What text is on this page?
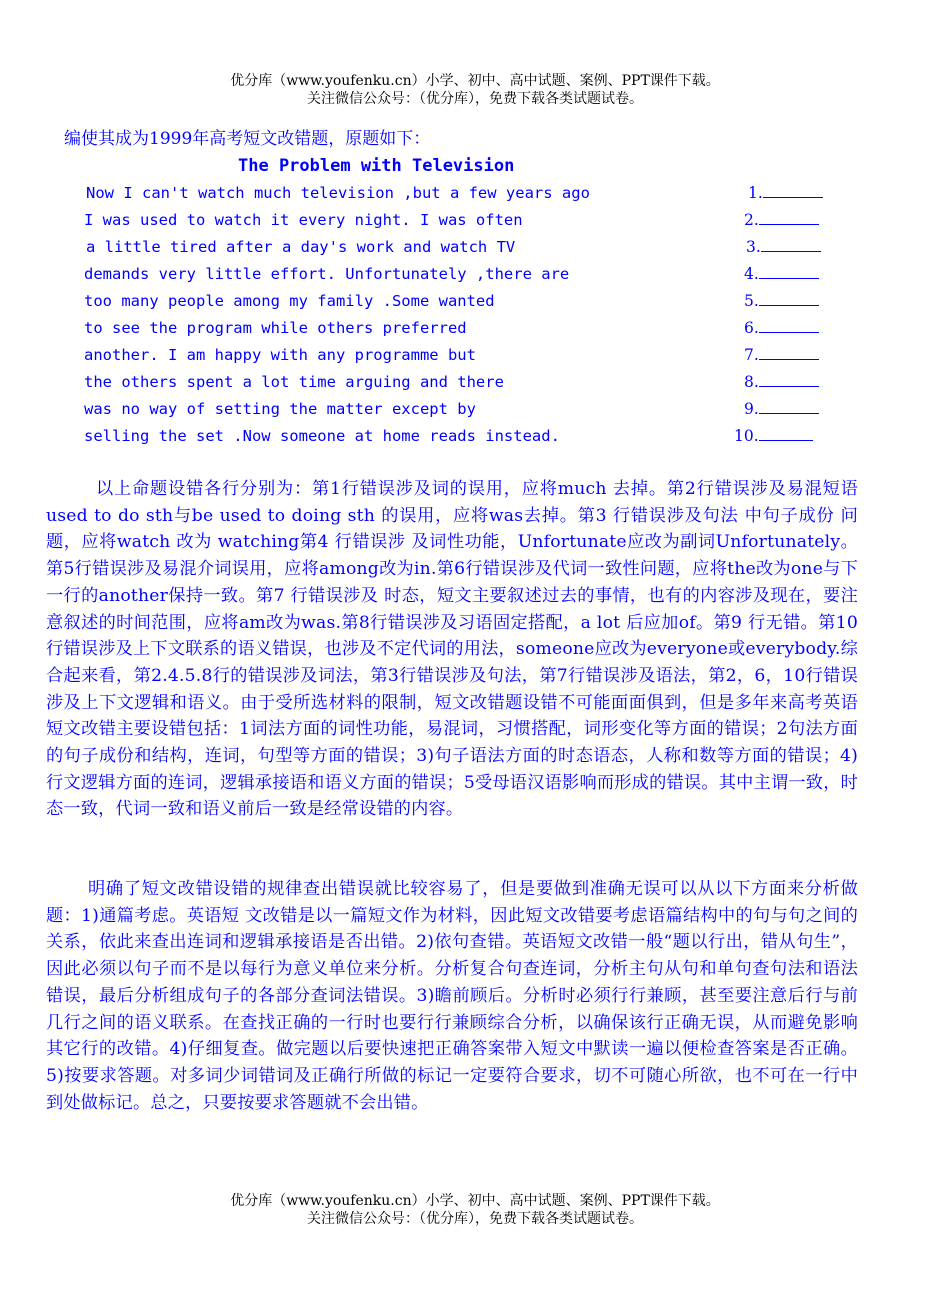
优分库（www.youfenku.cn）小学、初中、高中试题、案例、PPT课件下载。
关注微信公众号：（优分库），免费下载各类试题试卷。
编使其成为1999年高考短文改错题，原题如下：
The Problem with Television
Now I can't watch much television ,but a few years ago	1.
I was used to watch it every night. I was often	2.
a little tired after a day's work and watch TV	3.
demands very little effort. Unfortunately ,there are	4.
too many people among my family .Some wanted	5.
to see the program while others preferred	6.
another. I am happy with any programme but	7.
the others spent a lot time arguing and there	8.
was no way of setting the matter except by	9.
selling the set .Now someone at home reads instead.	10.

以上命题设错各行分别为：第1行错误涉及词的误用，应将much 去掉。第2行错误涉及易混短语used to do sth与be used to doing sth 的误用，应将was去掉。第3 行错误涉及句法 中句子成份 问题，应将watch 改为 watching第4 行错误涉 及词性功能，Unfortunate应改为副词Unfortunately。第5行错误涉及易混介词误用，应将among改为in.第6行错误涉及代词一致性问题，应将the改为one与下一行的another保持一致。第7 行错误涉及 时态，短文主要叙述过去的事情，也有的内容涉及现在，要注意叙述的时间范围，应将am改为was.第8行错误涉及习语固定搭配，a lot 后应加of。第9 行无错。第10 行错误涉及上下文联系的语义错误，也涉及不定代词的用法，someone应改为everyone或everybody.综合起来看，第2.4.5.8行的错误涉及词法，第3行错误涉及句法，第7行错误涉及语法，第2，6，10行错误涉及上下文逻辑和语义。由于受所选材料的限制，短文改错题设错不可能面面俱到，但是多年来高考英语短文改错主要设错包括：1词法方面的词性功能，易混词，习惯搭配，词形变化等方面的错误；2句法方面的句子成份和结构，连词，句型等方面的错误；3)句子语法方面的时态语态，人称和数等方面的错误；4)行文逻辑方面的连词，逻辑承接语和语义方面的错误；5受母语汉语影响而形成的错误。其中主谓一致，时态一致，代词一致和语义前后一致是经常设错的内容。

明确了短文改错设错的规律查出错误就比较容易了，但是要做到准确无误可以从以下方面来分析做题：1)通篇考虑。英语短 文改错是以一篇短文作为材料，因此短文改错要考虑语篇结构中的句与句之间的关系，依此来查出连词和逻辑承接语是否出错。2)依句查错。英语短文改错一般“题以行出，错从句生”，因此必须以句子而不是以每行为意义单位来分析。分析复合句查连词，分析主句从句和单句查句法和语法错误，最后分析组成句子的各部分查词法错误。3)瞻前顾后。分析时必须行行兼顾，甚至要注意后行与前几行之间的语义联系。在查找正确的一行时也要行行兼顾综合分析，以确保该行正确无误，从而避免影响其它行的改错。4)仔细复查。做完题以后要快速把正确答案带入短文中默读一遍以便检查答案是否正确。5)按要求答题。对多词少词错词及正确行所做的标记一定要符合要求，切不可随心所欲，也不可在一行中到处做标记。总之，只要按要求答题就不会出错。

优分库（www.youfenku.cn）小学、初中、高中试题、案例、PPT课件下载。
关注微信公众号：（优分库），免费下载各类试题试卷。
